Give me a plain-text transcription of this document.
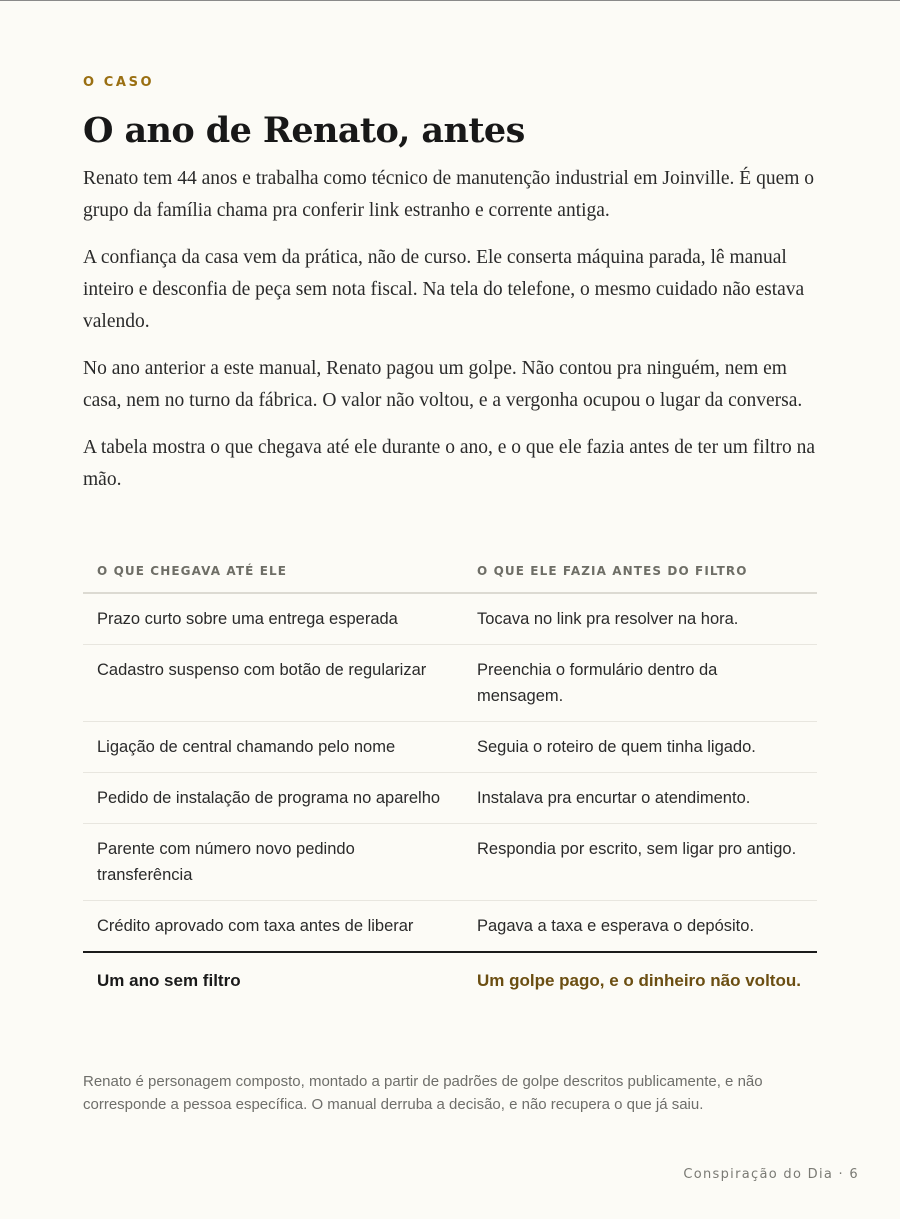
O CASO
O ano de Renato, antes

Renato tem 44 anos e trabalha como técnico de manutenção industrial em Joinville. É quem o grupo da família chama pra conferir link estranho e corrente antiga.

A confiança da casa vem da prática, não de curso. Ele conserta máquina parada, lê manual inteiro e desconfia de peça sem nota fiscal. Na tela do telefone, o mesmo cuidado não estava valendo.

No ano anterior a este manual, Renato pagou um golpe. Não contou pra ninguém, nem em casa, nem no turno da fábrica. O valor não voltou, e a vergonha ocupou o lugar da conversa.

A tabela mostra o que chegava até ele durante o ano, e o que ele fazia antes de ter um filtro na mão.

O QUE CHEGAVA ATÉ ELE	O QUE ELE FAZIA ANTES DO FILTRO
Prazo curto sobre uma entrega esperada	Tocava no link pra resolver na hora.
Cadastro suspenso com botão de regularizar	Preenchia o formulário dentro da mensagem.
Ligação de central chamando pelo nome	Seguia o roteiro de quem tinha ligado.
Pedido de instalação de programa no aparelho	Instalava pra encurtar o atendimento.
Parente com número novo pedindo transferência	Respondia por escrito, sem ligar pro antigo.
Crédito aprovado com taxa antes de liberar	Pagava a taxa e esperava o depósito.
Um ano sem filtro	Um golpe pago, e o dinheiro não voltou.
Renato é personagem composto, montado a partir de padrões de golpe descritos publicamente, e não corresponde a pessoa específica. O manual derruba a decisão, e não recupera o que já saiu.
Conspiração do Dia · 6
